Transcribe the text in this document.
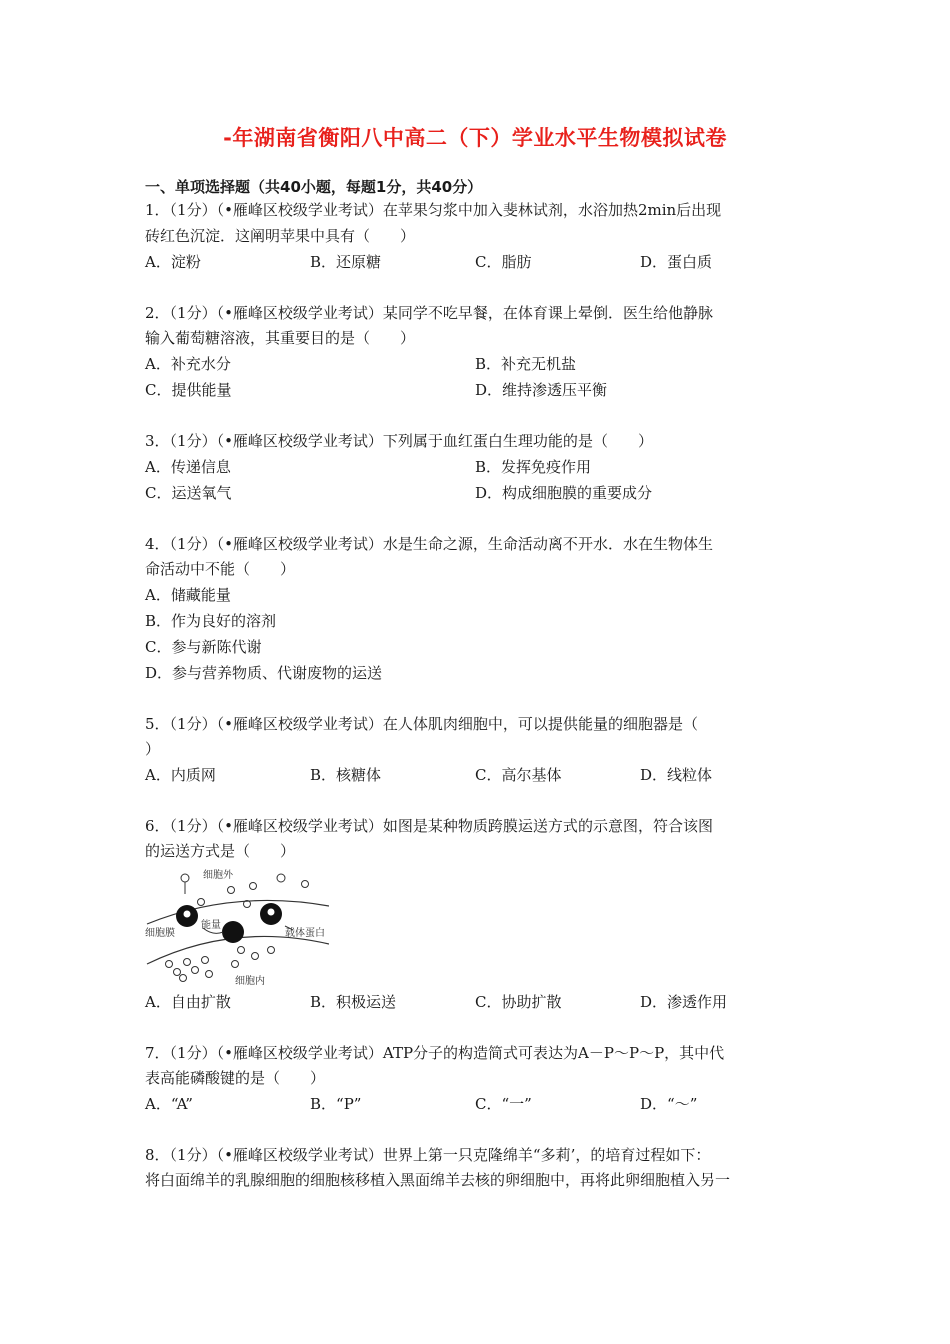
-年湖南省衡阳八中高二（下）学业水平生物模拟试卷
一、单项选择题（共40小题，每题1分，共40分）
1．（1分）（•雁峰区校级学业考试）在苹果匀浆中加入斐林试剂，水浴加热2min后出现
砖红色沉淀．这阐明苹果中具有（　　）
A．淀粉	B．还原糖	C．脂肪	D．蛋白质
2．（1分）（•雁峰区校级学业考试）某同学不吃早餐，在体育课上晕倒．医生给他静脉
输入葡萄糖溶液，其重要目的是（　　）
A．补充水分	B．补充无机盐
C．提供能量	D．维持渗透压平衡
3．（1分）（•雁峰区校级学业考试）下列属于血红蛋白生理功能的是（　　）
A．传递信息	B．发挥免疫作用
C．运送氧气	D．构成细胞膜的重要成分
4．（1分）（•雁峰区校级学业考试）水是生命之源，生命活动离不开水．水在生物体生
命活动中不能（　　）
A．储藏能量
B．作为良好的溶剂
C．参与新陈代谢
D．参与营养物质、代谢废物的运送
5．（1分）（•雁峰区校级学业考试）在人体肌肉细胞中，可以提供能量的细胞器是（
）
A．内质网	B．核糖体	C．高尔基体	D．线粒体
6．（1分）（•雁峰区校级学业考试）如图是某种物质跨膜运送方式的示意图，符合该图
的运送方式是（　　）
细胞外
细胞膜
能量
载体蛋白
细胞内
A．自由扩散	B．积极运送	C．协助扩散	D．渗透作用
7．（1分）（•雁峰区校级学业考试）ATP分子的构造简式可表达为A－P～P～P，其中代
表高能磷酸键的是（　　）
A．“A”	B．“P”	C．“一”	D．“～”
8．（1分）（•雁峰区校级学业考试）世界上第一只克隆绵羊“多莉’，的培育过程如下：
将白面绵羊的乳腺细胞的细胞核移植入黑面绵羊去核的卵细胞中，再将此卵细胞植入另一
